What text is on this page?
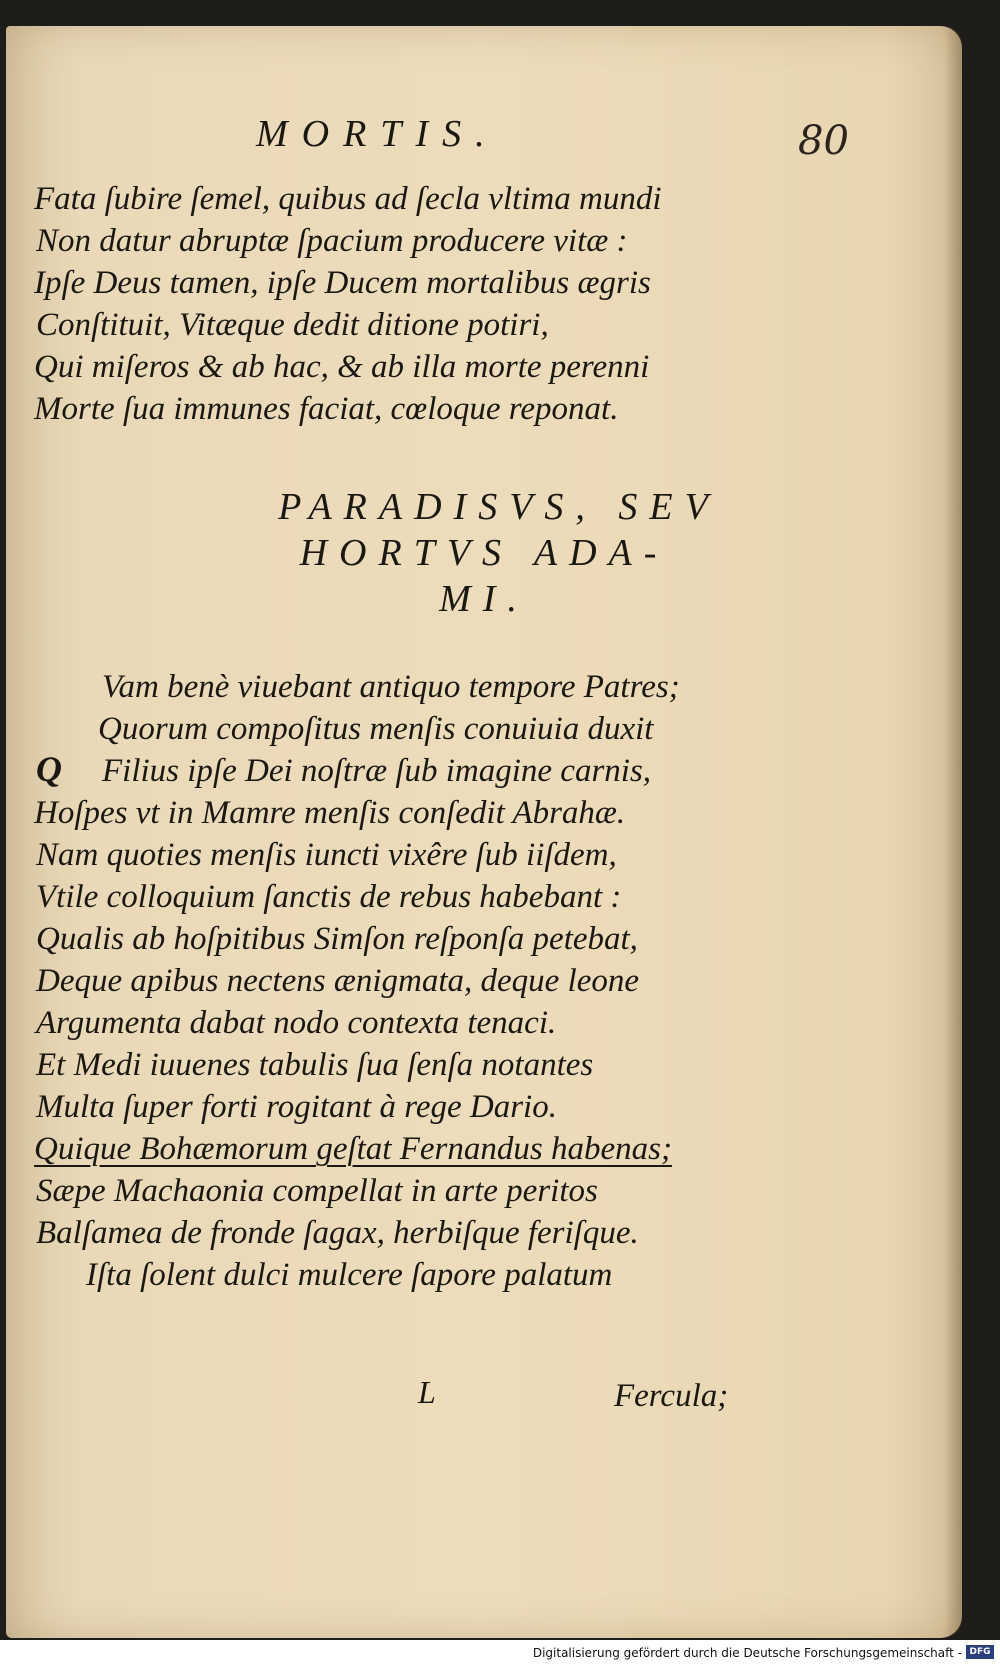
MORTIS.	80
Fata ſubire ſemel, quibus ad ſecla vltima mundi
Non datur abruptæ ſpacium producere vitæ :
Ipſe Deus tamen, ipſe Ducem mortalibus ægris
Conſtituit, Vitæque dedit ditione potiri,
Qui miſeros & ab hac, & ab illa morte perenni
Morte ſua immunes faciat, cœloque reponat.
PARADISVS, SEV
HORTVS ADA-
MI.
Q
Vam benè viuebant antiquo tempore Patres;
Quorum compoſitus menſis conuiuia duxit
Filius ipſe Dei noſtræ ſub imagine carnis,
Hoſpes vt in Mamre menſis conſedit Abrahæ.
Nam quoties menſis iuncti vixêre ſub iiſdem,
Vtile colloquium ſanctis de rebus habebant :
Qualis ab hoſpitibus Simſon reſponſa petebat,
Deque apibus nectens ænigmata, deque leone
Argumenta dabat nodo contexta tenaci.
Et Medi iuuenes tabulis ſua ſenſa notantes
Multa ſuper forti rogitant à rege Dario.
Quique Bohæmorum geſtat Fernandus habenas;
Sæpe Machaonia compellat in arte peritos
Balſamea de fronde ſagax, herbiſque feriſque.
Iſta ſolent dulci mulcere ſapore palatum
L	Fercula;
Digitalisierung gefördert durch die Deutsche Forschungsgemeinschaft - DFG
